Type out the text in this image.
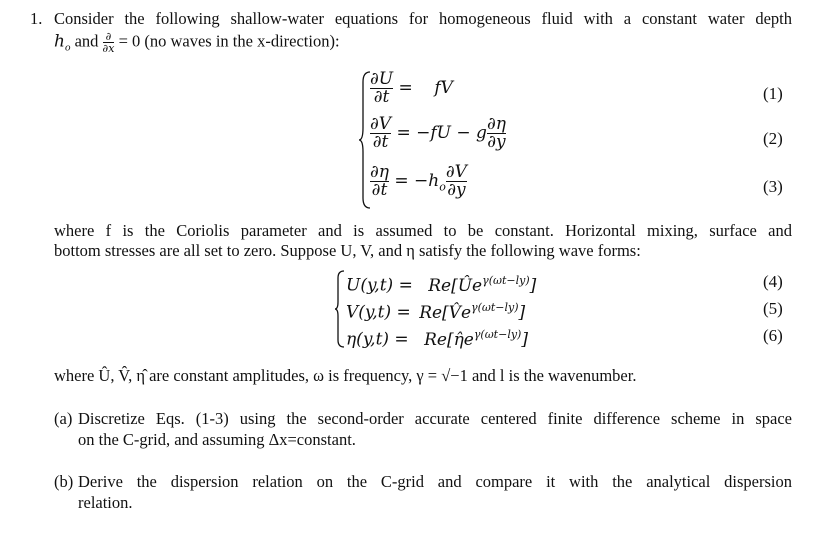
1. Consider the following shallow-water equations for homogeneous fluid with a constant water depth
$h_o$ and ∂
∂x = 0 (no waves in the x-direction):
$\frac{\partial U}{\partial t}$ =    fV	(1)
$\frac{\partial V}{\partial t} = -fU - g \frac{\partial\eta}{\partial y}$	(2)
$\frac{\partial\eta}{\partial t} = -h_o \frac{\partial V}{\partial y}$	(3)
where f is the Coriolis parameter and is assumed to be constant. Horizontal mixing, surface and
bottom stresses are all set to zero. Suppose U, V, and η satisfy the following wave forms:
$U(y,t) = Re[Ûe^{\gamma(\omega t-ly)}]$	(4)
$V(y,t) = Re[V̂e^{\gamma(\omega t-ly)}]$	(5)
$\eta(y,t) = Re[\etâe^{\gamma(\omega t-ly)}]$	(6)
where Û, V̂, η̂ are constant amplitudes, ω is frequency, γ = √−1 and l is the wavenumber.
(a) Discretize Eqs. (1-3) using the second-order accurate centered finite difference scheme in space
on the C-grid, and assuming Δx=constant.
(b) Derive the dispersion relation on the C-grid and compare it with the analytical dispersion
relation.
